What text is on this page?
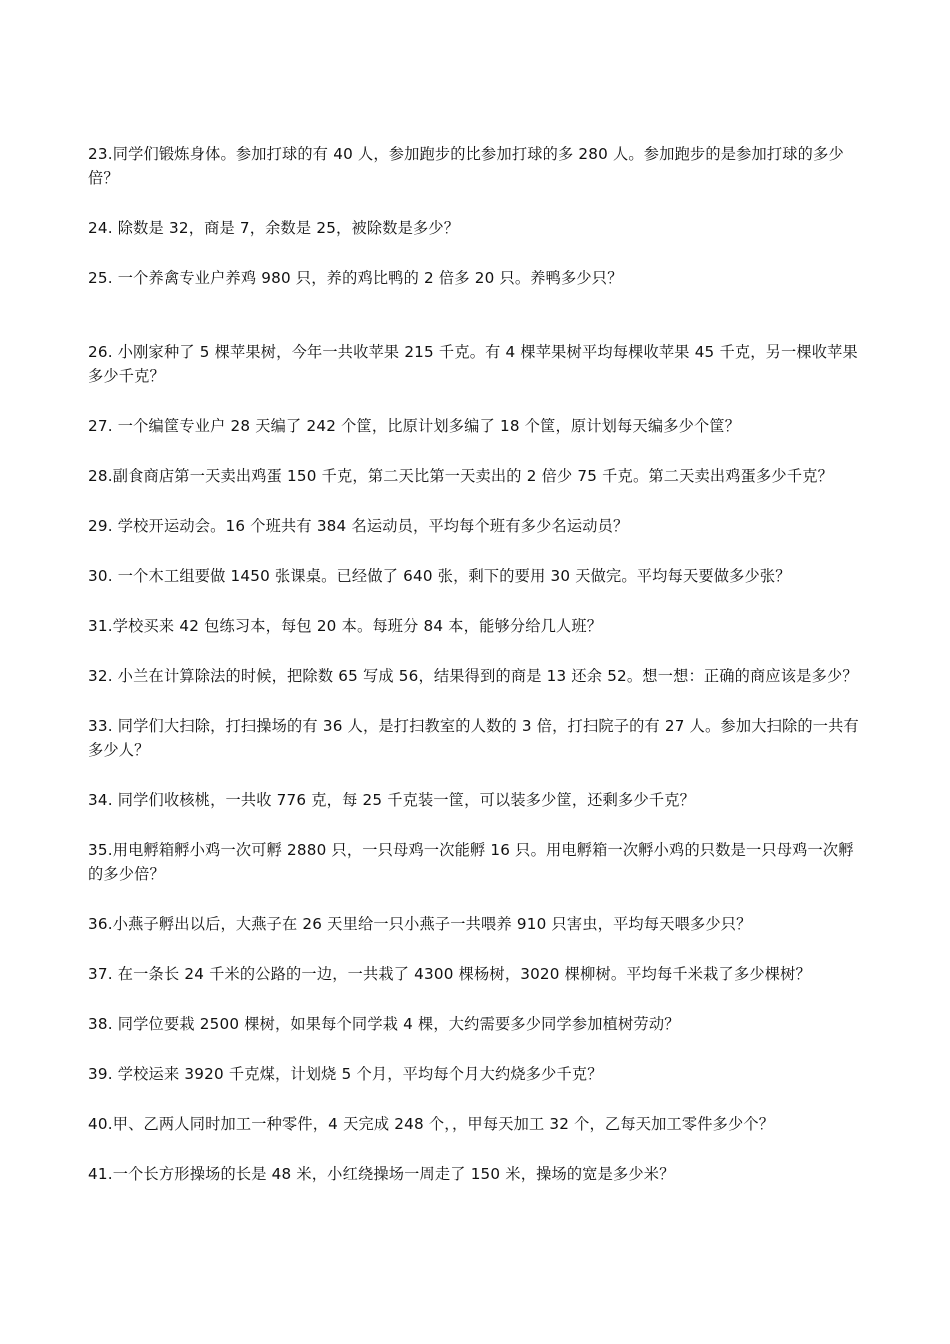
23.同学们锻炼身体。参加打球的有 40 人，参加跑步的比参加打球的多 280 人。参加跑步的是参加打球的多少倍？

24. 除数是 32，商是 7，余数是 25，被除数是多少？

25. 一个养禽专业户养鸡 980 只，养的鸡比鸭的 2 倍多 20 只。养鸭多少只？

26. 小刚家种了 5 棵苹果树，今年一共收苹果 215 千克。有 4 棵苹果树平均每棵收苹果 45 千克，另一棵收苹果多少千克？

27. 一个编筐专业户 28 天编了 242 个筐，比原计划多编了 18 个筐，原计划每天编多少个筐？

28.副食商店第一天卖出鸡蛋 150 千克，第二天比第一天卖出的 2 倍少 75 千克。第二天卖出鸡蛋多少千克？

29. 学校开运动会。16 个班共有 384 名运动员，平均每个班有多少名运动员？

30. 一个木工组要做 1450 张课桌。已经做了 640 张，剩下的要用 30 天做完。平均每天要做多少张？

31.学校买来 42 包练习本，每包 20 本。每班分 84 本，能够分给几人班？

32. 小兰在计算除法的时候，把除数 65 写成 56，结果得到的商是 13 还余 52。想一想：正确的商应该是多少？

33. 同学们大扫除，打扫操场的有 36 人，是打扫教室的人数的 3 倍，打扫院子的有 27 人。参加大扫除的一共有多少人？

34. 同学们收核桃，一共收 776 克，每 25 千克装一筐，可以装多少筐，还剩多少千克？

35.用电孵箱孵小鸡一次可孵 2880 只，一只母鸡一次能孵 16 只。用电孵箱一次孵小鸡的只数是一只母鸡一次孵的多少倍？

36.小燕子孵出以后，大燕子在 26 天里给一只小燕子一共喂养 910 只害虫，平均每天喂多少只？

37. 在一条长 24 千米的公路的一边，一共栽了 4300 棵杨树，3020 棵柳树。平均每千米栽了多少棵树？

38. 同学位要栽 2500 棵树，如果每个同学栽 4 棵，大约需要多少同学参加植树劳动？

39. 学校运来 3920 千克煤，计划烧 5 个月，平均每个月大约烧多少千克？

40.甲、乙两人同时加工一种零件，4 天完成 248 个，，甲每天加工 32 个，乙每天加工零件多少个？

41.一个长方形操场的长是 48 米，小红绕操场一周走了 150 米，操场的宽是多少米？
